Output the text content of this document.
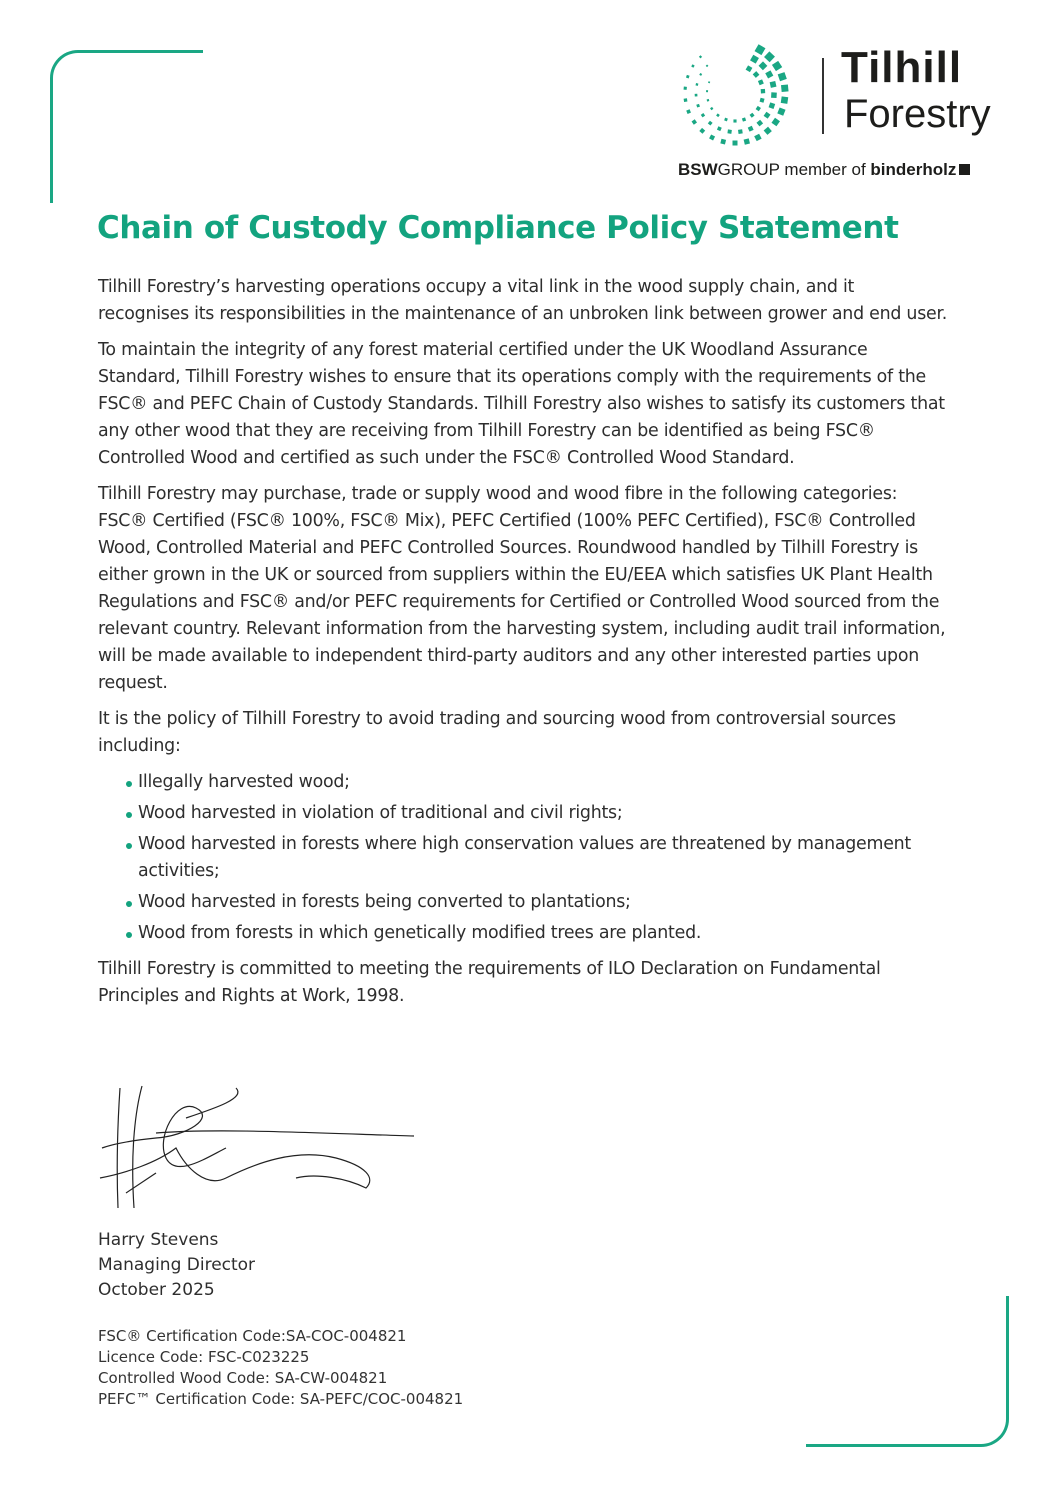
Tilhill
Forestry
BSWGROUP member of binderholz
Chain of Custody Compliance Policy Statement

Tilhill Forestry’s harvesting operations occupy a vital link in the wood supply chain, and it recognises its responsibilities in the maintenance of an unbroken link between grower and end user.

To maintain the integrity of any forest material certified under the UK Woodland Assurance Standard, Tilhill Forestry wishes to ensure that its operations comply with the requirements of the FSC® and PEFC Chain of Custody Standards. Tilhill Forestry also wishes to satisfy its customers that any other wood that they are receiving from Tilhill Forestry can be identified as being FSC® Controlled Wood and certified as such under the FSC® Controlled Wood Standard.

Tilhill Forestry may purchase, trade or supply wood and wood fibre in the following categories: FSC® Certified (FSC® 100%, FSC® Mix), PEFC Certified (100% PEFC Certified), FSC® Controlled Wood, Controlled Material and PEFC Controlled Sources. Roundwood handled by Tilhill Forestry is either grown in the UK or sourced from suppliers within the EU/EEA which satisfies UK Plant Health Regulations and FSC® and/or PEFC requirements for Certified or Controlled Wood sourced from the relevant country. Relevant information from the harvesting system, including audit trail information, will be made available to independent third-party auditors and any other interested parties upon request.

It is the policy of Tilhill Forestry to avoid trading and sourcing wood from controversial sources including:

Illegally harvested wood;
Wood harvested in violation of traditional and civil rights;
Wood harvested in forests where high conservation values are threatened by management activities;
Wood harvested in forests being converted to plantations;
Wood from forests in which genetically modified trees are planted.

Tilhill Forestry is committed to meeting the requirements of ILO Declaration on Fundamental Principles and Rights at Work, 1998.

Harry Stevens
Managing Director
October 2025
FSC® Certification Code:SA-COC-004821
Licence Code: FSC-C023225
Controlled Wood Code: SA-CW-004821
PEFC™ Certification Code: SA-PEFC/COC-004821
